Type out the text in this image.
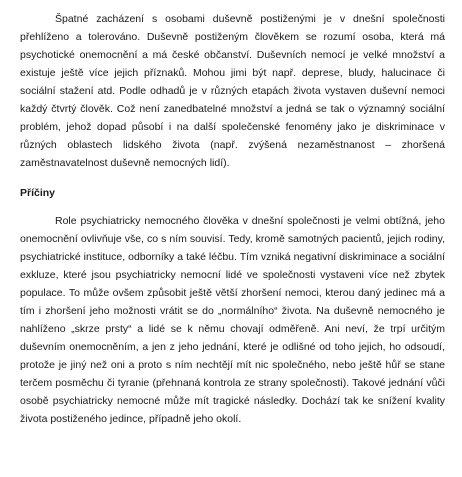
Špatné zacházení s osobami duševně postiženými je v dnešní společnosti přehlíženo a tolerováno. Duševně postiženým člověkem se rozumí osoba, která má psychotické onemocnění a má české občanství. Duševních nemocí je velké množství a existuje ještě více jejich příznaků. Mohou jimi být např. deprese, bludy, halucinace či sociální stažení atd. Podle odhadů je v různých etapách života vystaven duševní nemoci každý čtvrtý člověk. Což není zanedbatelné množství a jedná se tak o významný sociální problém, jehož dopad působí i na další společenské fenomény jako je diskriminace v různých oblastech lidského života (např. zvýšená nezaměstnanost – zhoršená zaměstnavatelnost duševně nemocných lidí).

Příčiny

Role psychiatricky nemocného člověka v dnešní společnosti je velmi obtížná, jeho onemocnění ovlivňuje vše, co s ním souvisí. Tedy, kromě samotných pacientů, jejich rodiny, psychiatrické instituce, odborníky a také léčbu. Tím vzniká negativní diskriminace a sociální exkluze, které jsou psychiatricky nemocní lidé ve společnosti vystaveni více než zbytek populace. To může ovšem způsobit ještě větší zhoršení nemoci, kterou daný jedinec má a tím i zhoršení jeho možnosti vrátit se do „normálního“ života. Na duševně nemocného je nahlíženo „skrze prsty“ a lidé se k němu chovají odměřeně. Ani neví, že trpí určitým duševním onemocněním, a jen z jeho jednání, které je odlišné od toho jejich, ho odsoudí, protože je jiný než oni a proto s ním nechtějí mít nic společného, nebo ještě hůř se stane terčem posměchu či tyranie (přehnaná kontrola ze strany společnosti). Takové jednání vůči osobě psychiatricky nemocné může mít tragické následky. Dochází tak ke snížení kvality života postiženého jedince, případně jeho okolí.
